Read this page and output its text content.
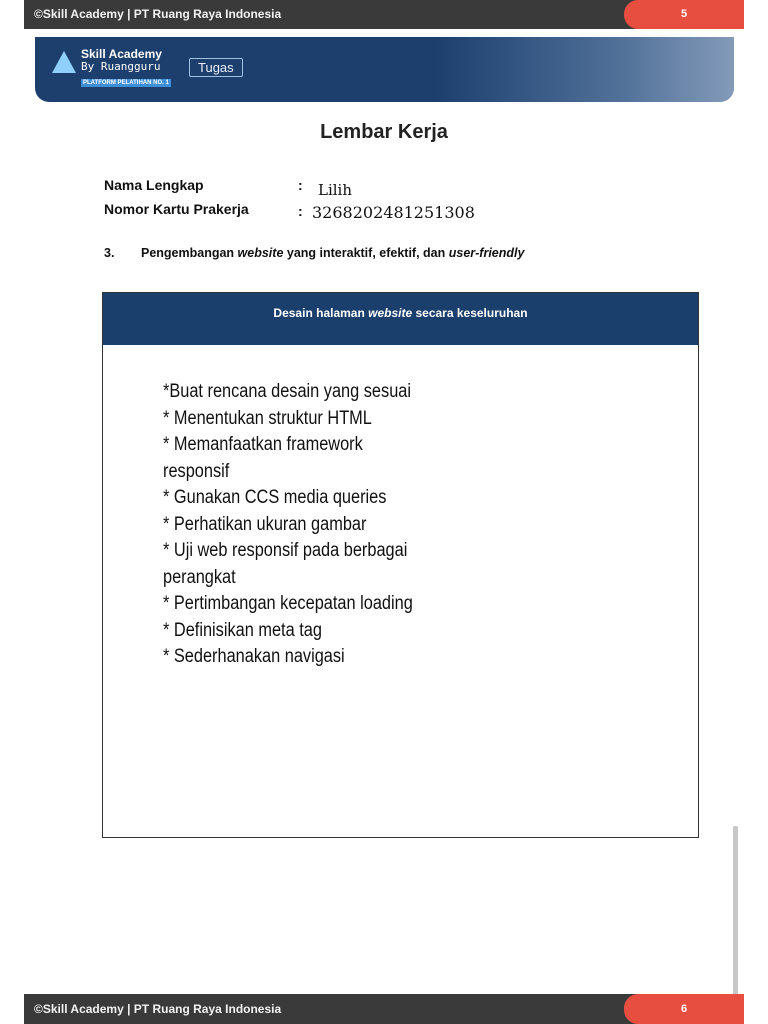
©Skill Academy | PT Ruang Raya Indonesia	5
Skill Academy
By Ruangguru
PLATFORM PELATIHAN NO. 1
Tugas
Lembar Kerja
Nama Lengkap	: Lilih
Nomor Kartu Prakerja	: 3268202481251308
3. Pengembangan website yang interaktif, efektif, dan user-friendly
Desain halaman website secara keseluruhan
*Buat rencana desain yang sesuai
* Menentukan struktur HTML
* Memanfaatkan framework
responsif
* Gunakan CCS media queries
* Perhatikan ukuran gambar
* Uji web responsif pada berbagai
perangkat
* Pertimbangan kecepatan loading
* Definisikan meta tag
* Sederhanakan navigasi
©Skill Academy | PT Ruang Raya Indonesia	6
